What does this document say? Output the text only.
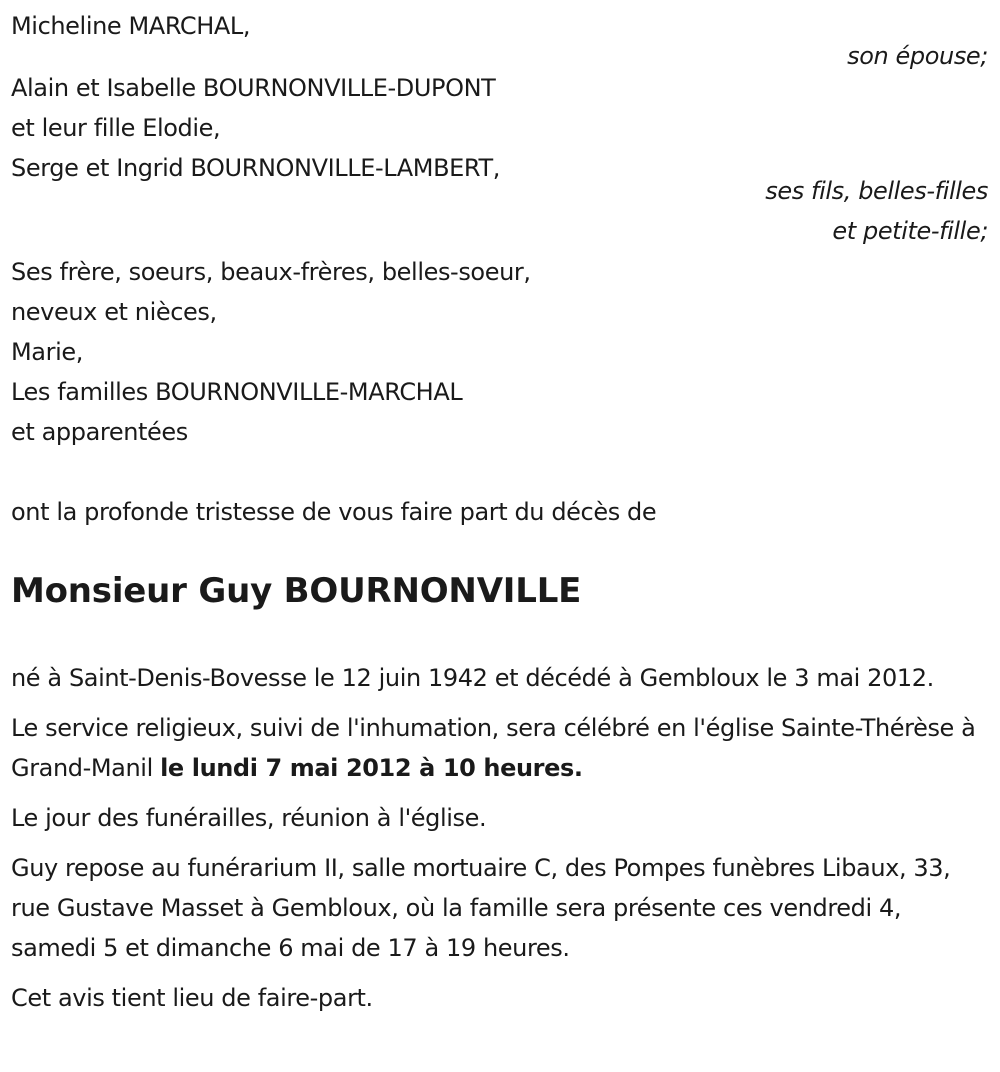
Micheline MARCHAL,
son épouse;
Alain et Isabelle BOURNONVILLE-DUPONT
et leur fille Elodie,
Serge et Ingrid BOURNONVILLE-LAMBERT,
ses fils, belles-filles
et petite-fille;
Ses frère, soeurs, beaux-frères, belles-soeur,
neveux et nièces,
Marie,
Les familles BOURNONVILLE-MARCHAL
et apparentées
ont la profonde tristesse de vous faire part du décès de
Monsieur Guy BOURNONVILLE
né à Saint-Denis-Bovesse le 12 juin 1942 et décédé à Gembloux le 3 mai 2012.
Le service religieux, suivi de l'inhumation, sera célébré en l'église Sainte-Thérèse à Grand-Manil le lundi 7 mai 2012 à 10 heures.
Le jour des funérailles, réunion à l'église.
Guy repose au funérarium II, salle mortuaire C, des Pompes funèbres Libaux, 33, rue Gustave Masset à Gembloux, où la famille sera présente ces vendredi 4, samedi 5 et dimanche 6 mai de 17 à 19 heures.
Cet avis tient lieu de faire-part.
